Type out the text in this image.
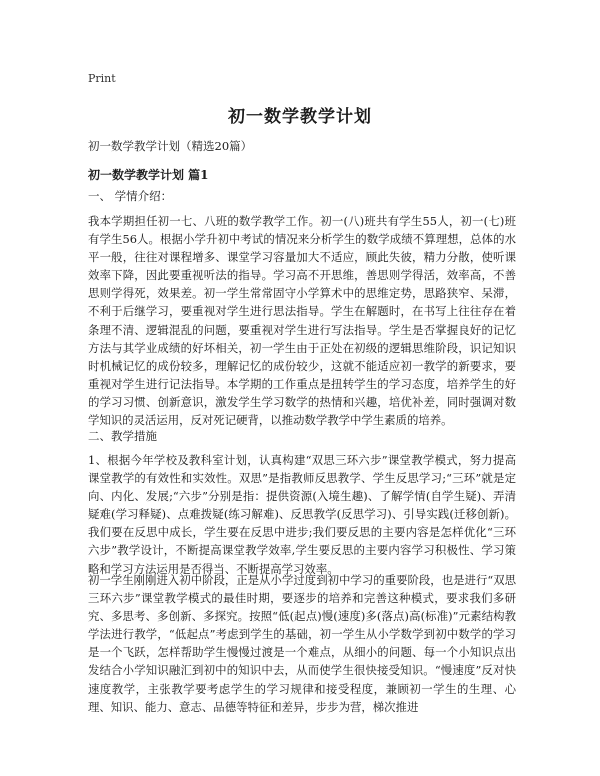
Print
初一数学教学计划
初一数学教学计划（精选20篇）
初一数学教学计划 篇1
一、 学情介绍：

我本学期担任初一七、八班的数学教学工作。初一(八)班共有学生55人，初一(七)班有学生56人。根据小学升初中考试的情况来分析学生的数学成绩不算理想，总体的水平一般，往往对课程增多、课堂学习容量加大不适应，顾此失彼，精力分散，使听课效率下降，因此要重视听法的指导。学习高不开思维，善思则学得活，效率高，不善思则学得死，效果差。初一学生常常固守小学算术中的思维定势，思路狭窄、呆滞，不利于后继学习，要重视对学生进行思法指导。学生在解题时，在书写上往往存在着条理不清、逻辑混乱的问题，要重视对学生进行写法指导。学生是否掌握良好的记忆方法与其学业成绩的好坏相关，初一学生由于正处在初级的逻辑思维阶段，识记知识时机械记忆的成份较多，理解记忆的成份较少，这就不能适应初一教学的新要求，要重视对学生进行记法指导。本学期的工作重点是扭转学生的学习态度，培养学生的好的学习习惯、创新意识，激发学生学习数学的热情和兴趣，培优补差，同时强调对数学知识的灵活运用，反对死记硬背，以推动数学教学中学生素质的培养。

二、教学措施

1、根据今年学校及教科室计划，认真构建“双思三环六步”课堂教学模式，努力提高课堂教学的有效性和实效性。双思”是指教师反思教学、学生反思学习;“三环”就是定向、内化、发展;“六步”分别是指：提供资源(入境生趣)、了解学情(自学生疑)、弄清疑难(学习释疑)、点难拨疑(练习解难)、反思教学(反思学习)、引导实践(迁移创新)。我们要在反思中成长，学生要在反思中进步;我们要反思的主要内容是怎样优化“三环六步”教学设计，不断提高课堂教学效率,学生要反思的主要内容学习积极性、学习策略和学习方法运用是否得当、不断提高学习效率。

初一学生刚刚进入初中阶段，正是从小学过度到初中学习的重要阶段，也是进行“双思三环六步”课堂教学模式的最佳时期，要逐步的培养和完善这种模式，要求我们多研究、多思考、多创新、多探究。按照“低(起点)慢(速度)多(落点)高(标准)”元素结构教学法进行教学，“低起点”考虑到学生的基础，初一学生从小学数学到初中数学的学习是一个飞跃，怎样帮助学生慢慢过渡是一个难点，从细小的问题、每一个小知识点出发结合小学知识融汇到初中的知识中去，从而使学生很快接受知识。“慢速度”反对快速度教学，主张教学要考虑学生的学习规律和接受程度，兼顾初一学生的生理、心理、知识、能力、意志、品德等特征和差异，步步为营，梯次推进
